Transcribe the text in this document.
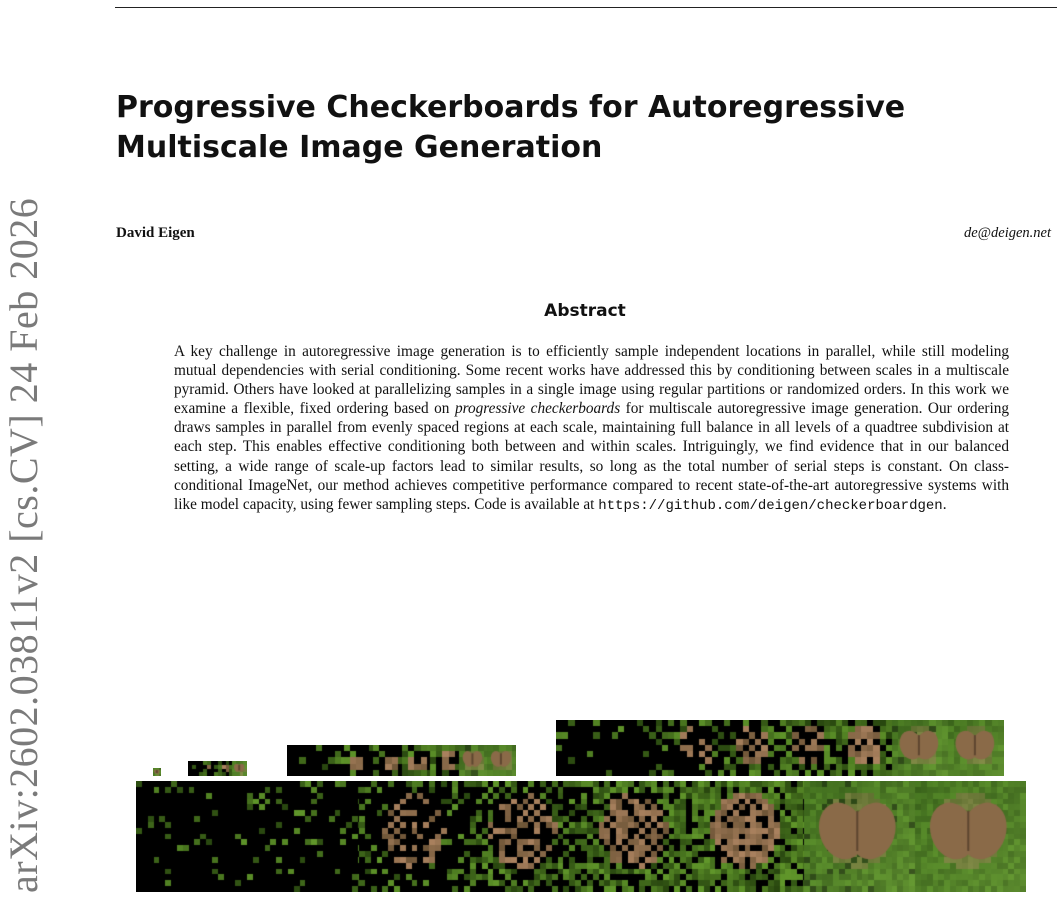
arXiv:2602.03811v2 [cs.CV] 24 Feb 2026
Progressive Checkerboards for Autoregressive Multiscale Image Generation
David Eigen	de@deigen.net
Abstract

A key challenge in autoregressive image generation is to efficiently sample independent locations in parallel, while still modeling mutual dependencies with serial conditioning. Some recent works have addressed this by conditioning between scales in a multiscale pyramid. Others have looked at parallelizing samples in a single image using regular partitions or randomized orders. In this work we examine a flexible, fixed ordering based on progressive checkerboards for multiscale autoregressive image generation. Our ordering draws samples in parallel from evenly spaced regions at each scale, maintaining full balance in all levels of a quadtree subdivision at each step. This enables effective conditioning both between and within scales. Intriguingly, we find evidence that in our balanced setting, a wide range of scale-up factors lead to similar results, so long as the total number of serial steps is constant. On class-conditional ImageNet, our method achieves competitive performance compared to recent state-of-the-art autoregressive systems with like model capacity, using fewer sampling steps. Code is available at https://github.com/deigen/checkerboardgen.
